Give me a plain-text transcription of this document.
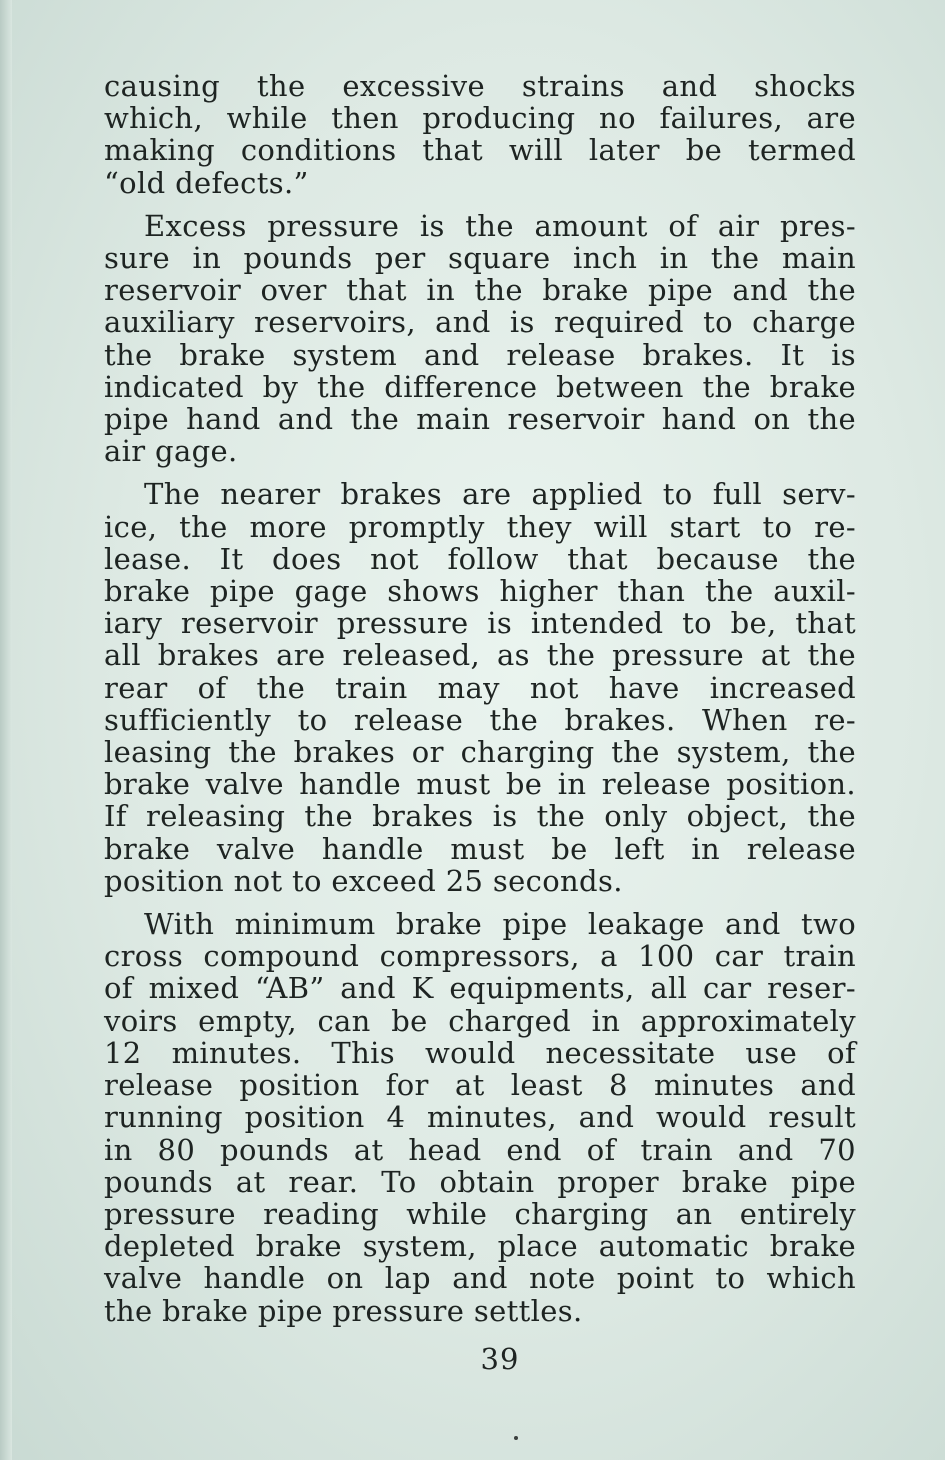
causing the excessive strains and shocks
which, while then producing no failures, are
making conditions that will later be termed
“old defects.”

Excess pressure is the amount of air pres-
sure in pounds per square inch in the main
reservoir over that in the brake pipe and the
auxiliary reservoirs, and is required to charge
the brake system and release brakes. It is
indicated by the difference between the brake
pipe hand and the main reservoir hand on the
air gage.

The nearer brakes are applied to full serv-
ice, the more promptly they will start to re-
lease. It does not follow that because the
brake pipe gage shows higher than the auxil-
iary reservoir pressure is intended to be, that
all brakes are released, as the pressure at the
rear of the train may not have increased
sufficiently to release the brakes. When re-
leasing the brakes or charging the system, the
brake valve handle must be in release position.
If releasing the brakes is the only object, the
brake valve handle must be left in release
position not to exceed 25 seconds.

With minimum brake pipe leakage and two
cross compound compressors, a 100 car train
of mixed “AB” and K equipments, all car reser-
voirs empty, can be charged in approximately
12 minutes. This would necessitate use of
release position for at least 8 minutes and
running position 4 minutes, and would result
in 80 pounds at head end of train and 70
pounds at rear. To obtain proper brake pipe
pressure reading while charging an entirely
depleted brake system, place automatic brake
valve handle on lap and note point to which
the brake pipe pressure settles.

39
